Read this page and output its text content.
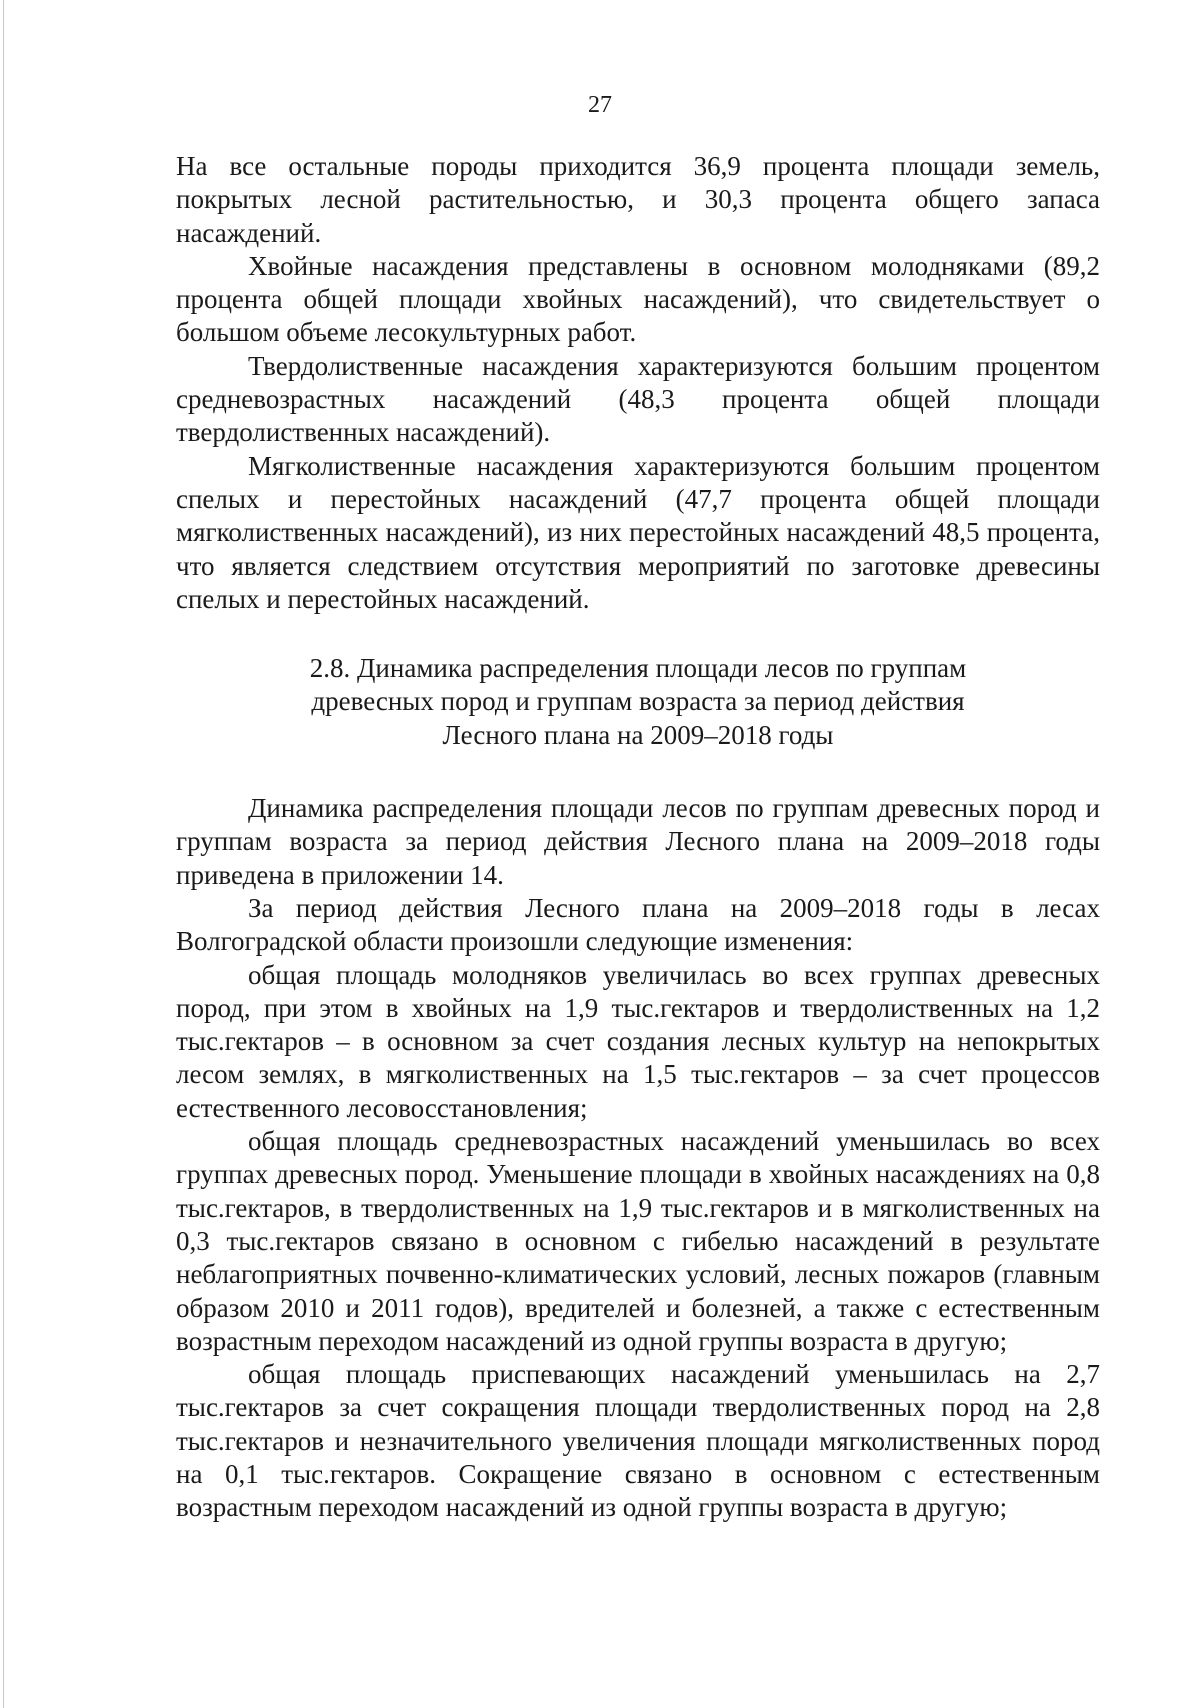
27

На все остальные породы приходится 36,9 процента площади земель, покрытых лесной растительностью, и 30,3 процента общего запаса насаждений.

Хвойные насаждения представлены в основном молодняками (89,2 процента общей площади хвойных насаждений), что свидетельствует о большом объеме лесокультурных работ.

Твердолиственные насаждения характеризуются большим процентом средневозрастных насаждений (48,3 процента общей площади твердолиственных насаждений).

Мягколиственные насаждения характеризуются большим процентом спелых и перестойных насаждений (47,7 процента общей площади мягколиственных насаждений), из них перестойных насаждений 48,5 процента, что является следствием отсутствия мероприятий по заготовке древесины спелых и перестойных насаждений.

2.8. Динамика распределения площади лесов по группам
древесных пород и группам возраста за период действия
Лесного плана на 2009–2018 годы

Динамика распределения площади лесов по группам древесных пород и группам возраста за период действия Лесного плана на 2009–2018 годы приведена в приложении 14.

За период действия Лесного плана на 2009–2018 годы в лесах Волгоградской области произошли следующие изменения:

общая площадь молодняков увеличилась во всех группах древесных пород, при этом в хвойных на 1,9 тыс.гектаров и твердолиственных на 1,2 тыс.гектаров – в основном за счет создания лесных культур на непокрытых лесом землях, в мягколиственных на 1,5 тыс.гектаров – за счет процессов естественного лесовосстановления;

общая площадь средневозрастных насаждений уменьшилась во всех группах древесных пород. Уменьшение площади в хвойных насаждениях на 0,8 тыс.гектаров, в твердолиственных на 1,9 тыс.гектаров и в мягколиственных на 0,3 тыс.гектаров связано в основном с гибелью насаждений в результате неблагоприятных почвенно-климатических условий, лесных пожаров (главным образом 2010 и 2011 годов), вредителей и болезней, а также с естественным возрастным переходом насаждений из одной группы возраста в другую;

общая площадь приспевающих насаждений уменьшилась на 2,7 тыс.гектаров за счет сокращения площади твердолиственных пород на 2,8 тыс.гектаров и незначительного увеличения площади мягколиственных пород на 0,1 тыс.гектаров. Сокращение связано в основном с естественным возрастным переходом насаждений из одной группы возраста в другую;
